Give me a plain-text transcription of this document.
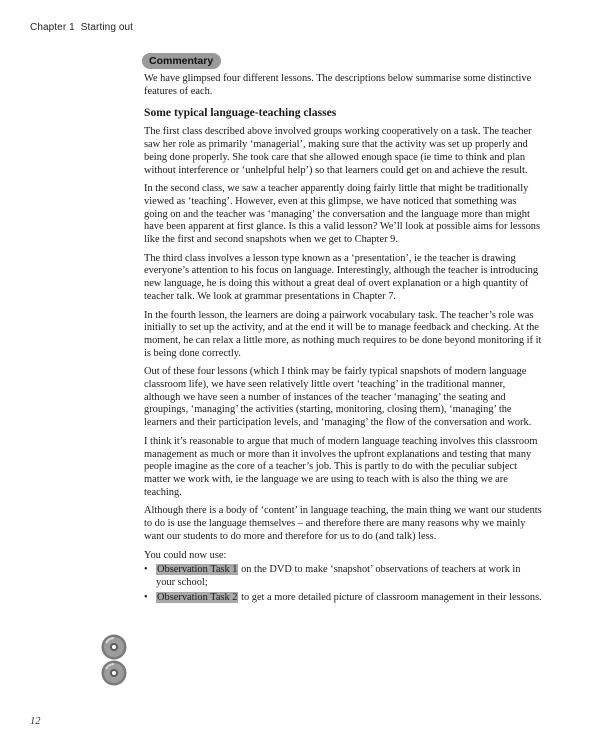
Chapter 1 Starting out
Commentary

We have glimpsed four different lessons. The descriptions below summarise some distinctive features of each.

Some typical language-teaching classes

The first class described above involved groups working cooperatively on a task. The teacher saw her role as primarily ‘managerial’, making sure that the activity was set up properly and being done properly. She took care that she allowed enough space (ie time to think and plan without interference or ‘unhelpful help’) so that learners could get on and achieve the result.

In the second class, we saw a teacher apparently doing fairly little that might be traditionally viewed as ‘teaching’. However, even at this glimpse, we have noticed that something was going on and the teacher was ‘managing’ the conversation and the language more than might have been apparent at first glance. Is this a valid lesson? We’ll look at possible aims for lessons like the first and second snapshots when we get to Chapter 9.

The third class involves a lesson type known as a ‘presentation’, ie the teacher is drawing everyone’s attention to his focus on language. Interestingly, although the teacher is introducing new language, he is doing this without a great deal of overt explanation or a high quantity of teacher talk. We look at grammar presentations in Chapter 7.

In the fourth lesson, the learners are doing a pairwork vocabulary task. The teacher’s role was initially to set up the activity, and at the end it will be to manage feedback and checking. At the moment, he can relax a little more, as nothing much requires to be done beyond monitoring if it is being done correctly.

Out of these four lessons (which I think may be fairly typical snapshots of modern language classroom life), we have seen relatively little overt ‘teaching’ in the traditional manner, although we have seen a number of instances of the teacher ‘managing’ the seating and groupings, ‘managing’ the activities (starting, monitoring, closing them), ‘managing’ the learners and their participation levels, and ‘managing’ the flow of the conversation and work.

I think it’s reasonable to argue that much of modern language teaching involves this classroom management as much or more than it involves the upfront explanations and testing that many people imagine as the core of a teacher’s job. This is partly to do with the peculiar subject matter we work with, ie the language we are using to teach with is also the thing we are teaching.

Although there is a body of ‘content’ in language teaching, the main thing we want our students to do is use the language themselves – and therefore there are many reasons why we mainly want our students to do more and therefore for us to do (and talk) less.

You could now use:

• Observation Task 1 on the DVD to make ‘snapshot’ observations of teachers at work in your school;
• Observation Task 2 to get a more detailed picture of classroom management in their lessons.
12
